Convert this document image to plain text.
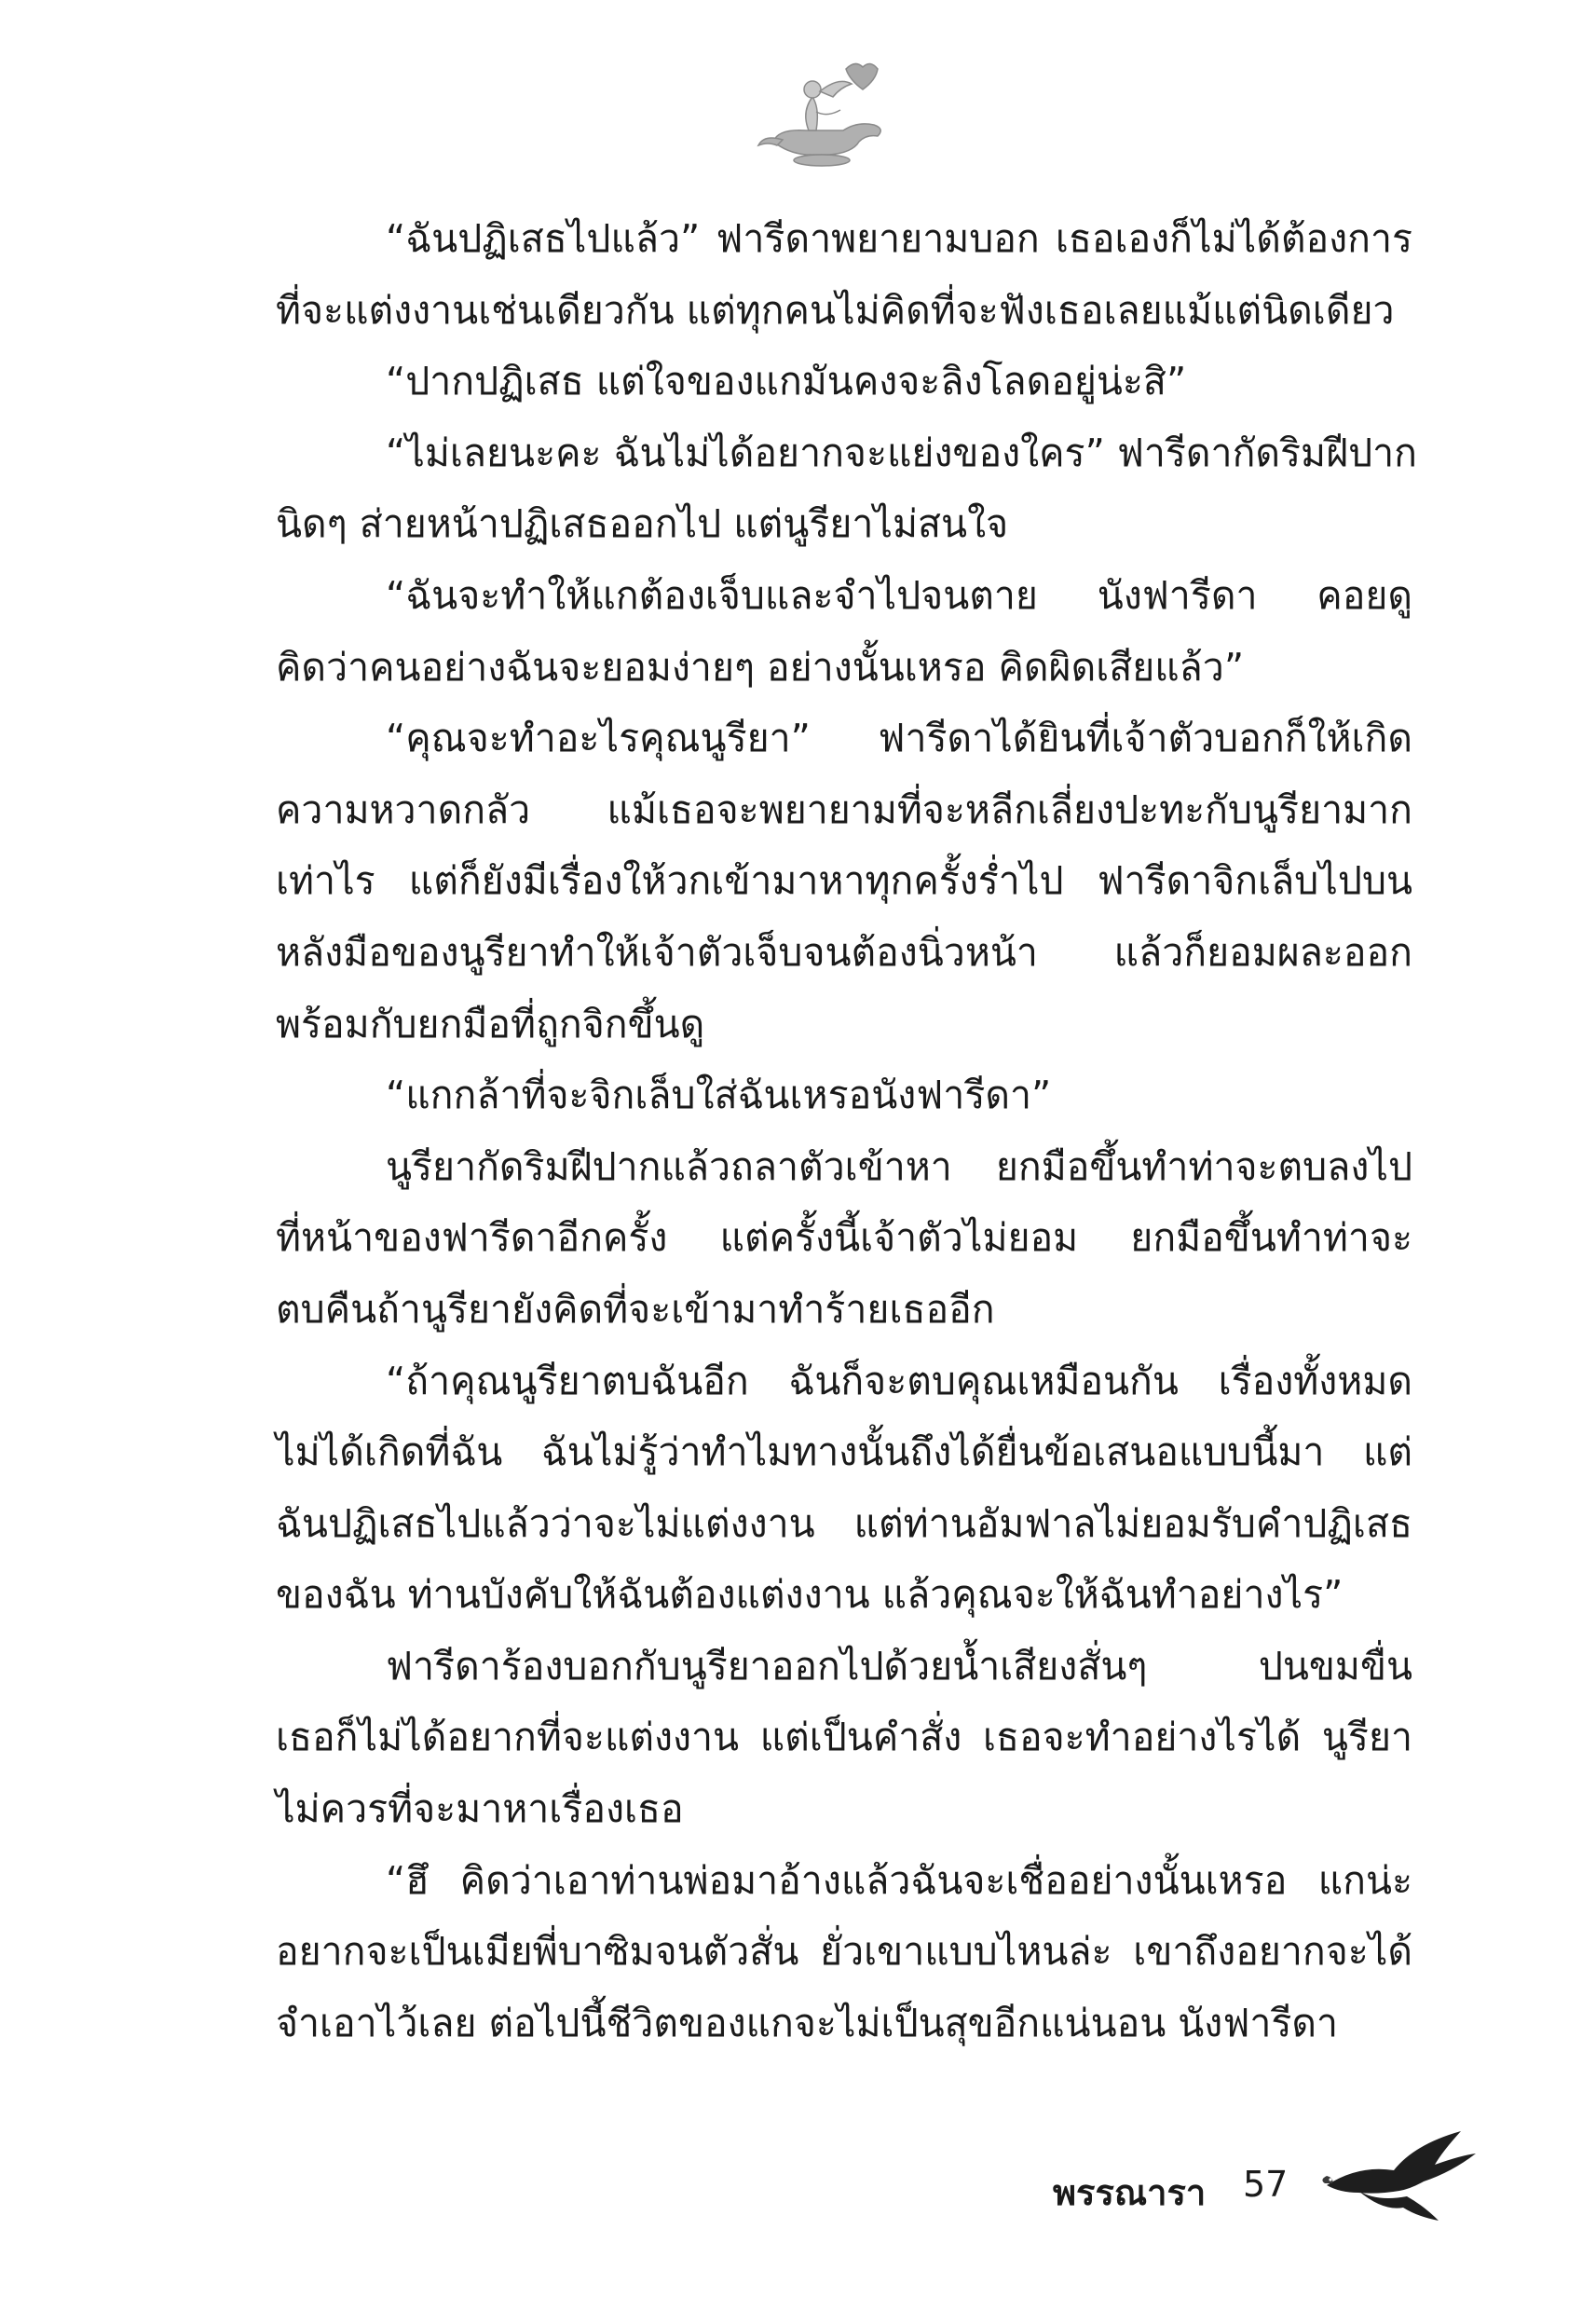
“ฉันปฏิเสธไปแล้ว” ฟารีดาพยายามบอก เธอเองก็ไม่ได้ต้องการ
ที่จะแต่งงานเช่นเดียวกัน แต่ทุกคนไม่คิดที่จะฟังเธอเลยแม้แต่นิดเดียว
“ปากปฏิเสธ แต่ใจของแกมันคงจะลิงโลดอยู่น่ะสิ”
“ไม่เลยนะคะ ฉันไม่ได้อยากจะแย่งของใคร” ฟารีดากัดริมฝีปาก
นิดๆ ส่ายหน้าปฏิเสธออกไป แต่นูรียาไม่สนใจ
“ฉันจะทำให้แกต้องเจ็บและจำไปจนตาย นังฟารีดา คอยดู
คิดว่าคนอย่างฉันจะยอมง่ายๆ อย่างนั้นเหรอ คิดผิดเสียแล้ว”
“คุณจะทำอะไรคุณนูรียา” ฟารีดาได้ยินที่เจ้าตัวบอกก็ให้เกิด
ความหวาดกลัว แม้เธอจะพยายามที่จะหลีกเลี่ยงปะทะกับนูรียามาก
เท่าไร แต่ก็ยังมีเรื่องให้วกเข้ามาหาทุกครั้งร่ำไป ฟารีดาจิกเล็บไปบน
หลังมือของนูรียาทำให้เจ้าตัวเจ็บจนต้องนิ่วหน้า แล้วก็ยอมผละออก
พร้อมกับยกมือที่ถูกจิกขึ้นดู
“แกกล้าที่จะจิกเล็บใส่ฉันเหรอนังฟารีดา”
นูรียากัดริมฝีปากแล้วถลาตัวเข้าหา ยกมือขึ้นทำท่าจะตบลงไป
ที่หน้าของฟารีดาอีกครั้ง แต่ครั้งนี้เจ้าตัวไม่ยอม ยกมือขึ้นทำท่าจะ
ตบคืนถ้านูรียายังคิดที่จะเข้ามาทำร้ายเธออีก
“ถ้าคุณนูรียาตบฉันอีก ฉันก็จะตบคุณเหมือนกัน เรื่องทั้งหมด
ไม่ได้เกิดที่ฉัน ฉันไม่รู้ว่าทำไมทางนั้นถึงได้ยื่นข้อเสนอแบบนี้มา แต่
ฉันปฏิเสธไปแล้วว่าจะไม่แต่งงาน แต่ท่านอัมฟาลไม่ยอมรับคำปฏิเสธ
ของฉัน ท่านบังคับให้ฉันต้องแต่งงาน แล้วคุณจะให้ฉันทำอย่างไร”
ฟารีดาร้องบอกกับนูรียาออกไปด้วยน้ำเสียงสั่นๆ ปนขมขื่น
เธอก็ไม่ได้อยากที่จะแต่งงาน แต่เป็นคำสั่ง เธอจะทำอย่างไรได้ นูรียา
ไม่ควรที่จะมาหาเรื่องเธอ
“ฮึ คิดว่าเอาท่านพ่อมาอ้างแล้วฉันจะเชื่ออย่างนั้นเหรอ แกน่ะ
อยากจะเป็นเมียพี่บาซิมจนตัวสั่น ยั่วเขาแบบไหนล่ะ เขาถึงอยากจะได้
จำเอาไว้เลย ต่อไปนี้ชีวิตของแกจะไม่เป็นสุขอีกแน่นอน นังฟารีดา
พรรณารา 57
